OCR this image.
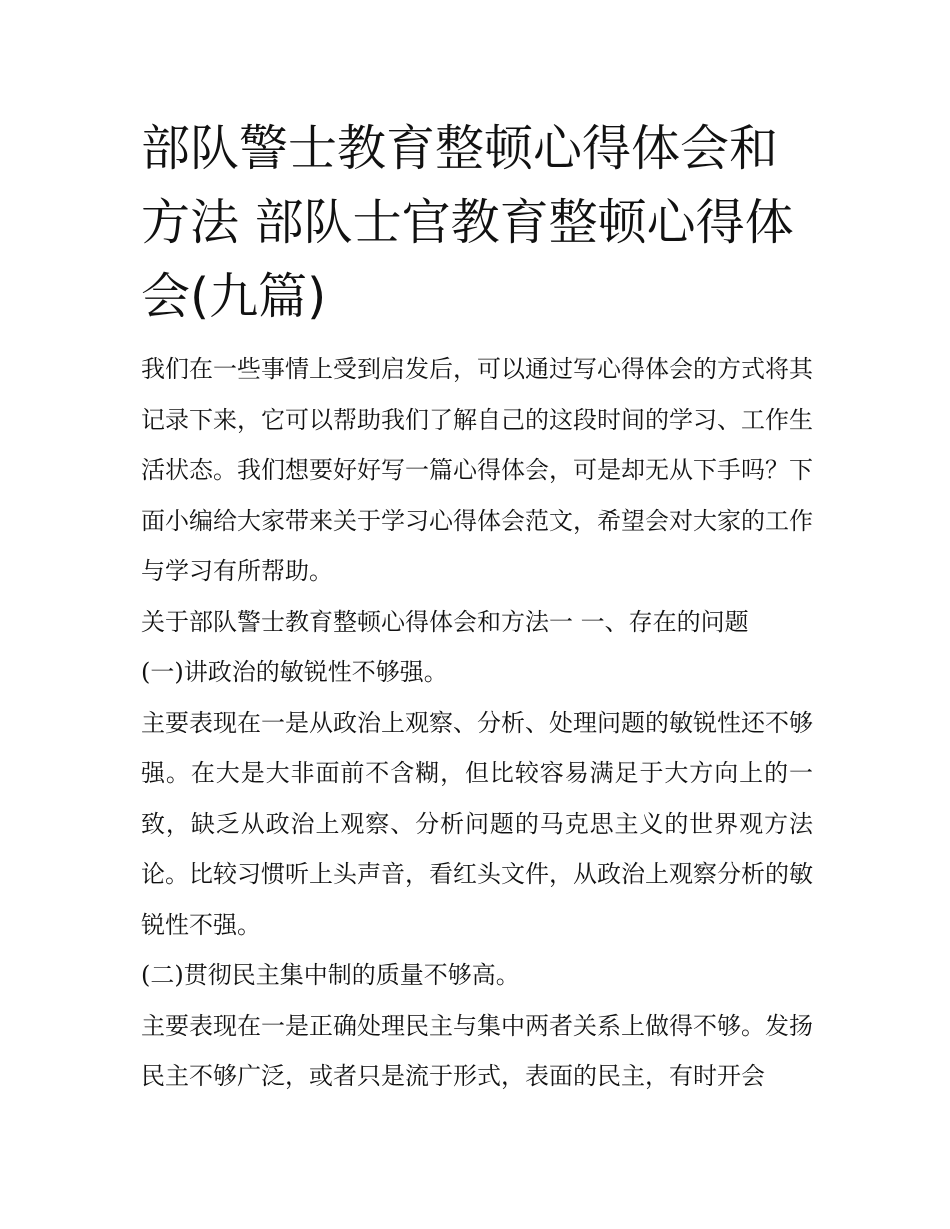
部队警士教育整顿心得体会和方法 部队士官教育整顿心得体会(九篇)

我们在一些事情上受到启发后，可以通过写心得体会的方式将其记录下来，它可以帮助我们了解自己的这段时间的学习、工作生活状态。我们想要好好写一篇心得体会，可是却无从下手吗？下面小编给大家带来关于学习心得体会范文，希望会对大家的工作与学习有所帮助。

关于部队警士教育整顿心得体会和方法一 一、存在的问题

(一)讲政治的敏锐性不够强。

主要表现在一是从政治上观察、分析、处理问题的敏锐性还不够强。在大是大非面前不含糊，但比较容易满足于大方向上的一致，缺乏从政治上观察、分析问题的马克思主义的世界观方法论。比较习惯听上头声音，看红头文件，从政治上观察分析的敏锐性不强。

(二)贯彻民主集中制的质量不够高。

主要表现在一是正确处理民主与集中两者关系上做得不够。发扬民主不够广泛，或者只是流于形式，表面的民主，有时开会
